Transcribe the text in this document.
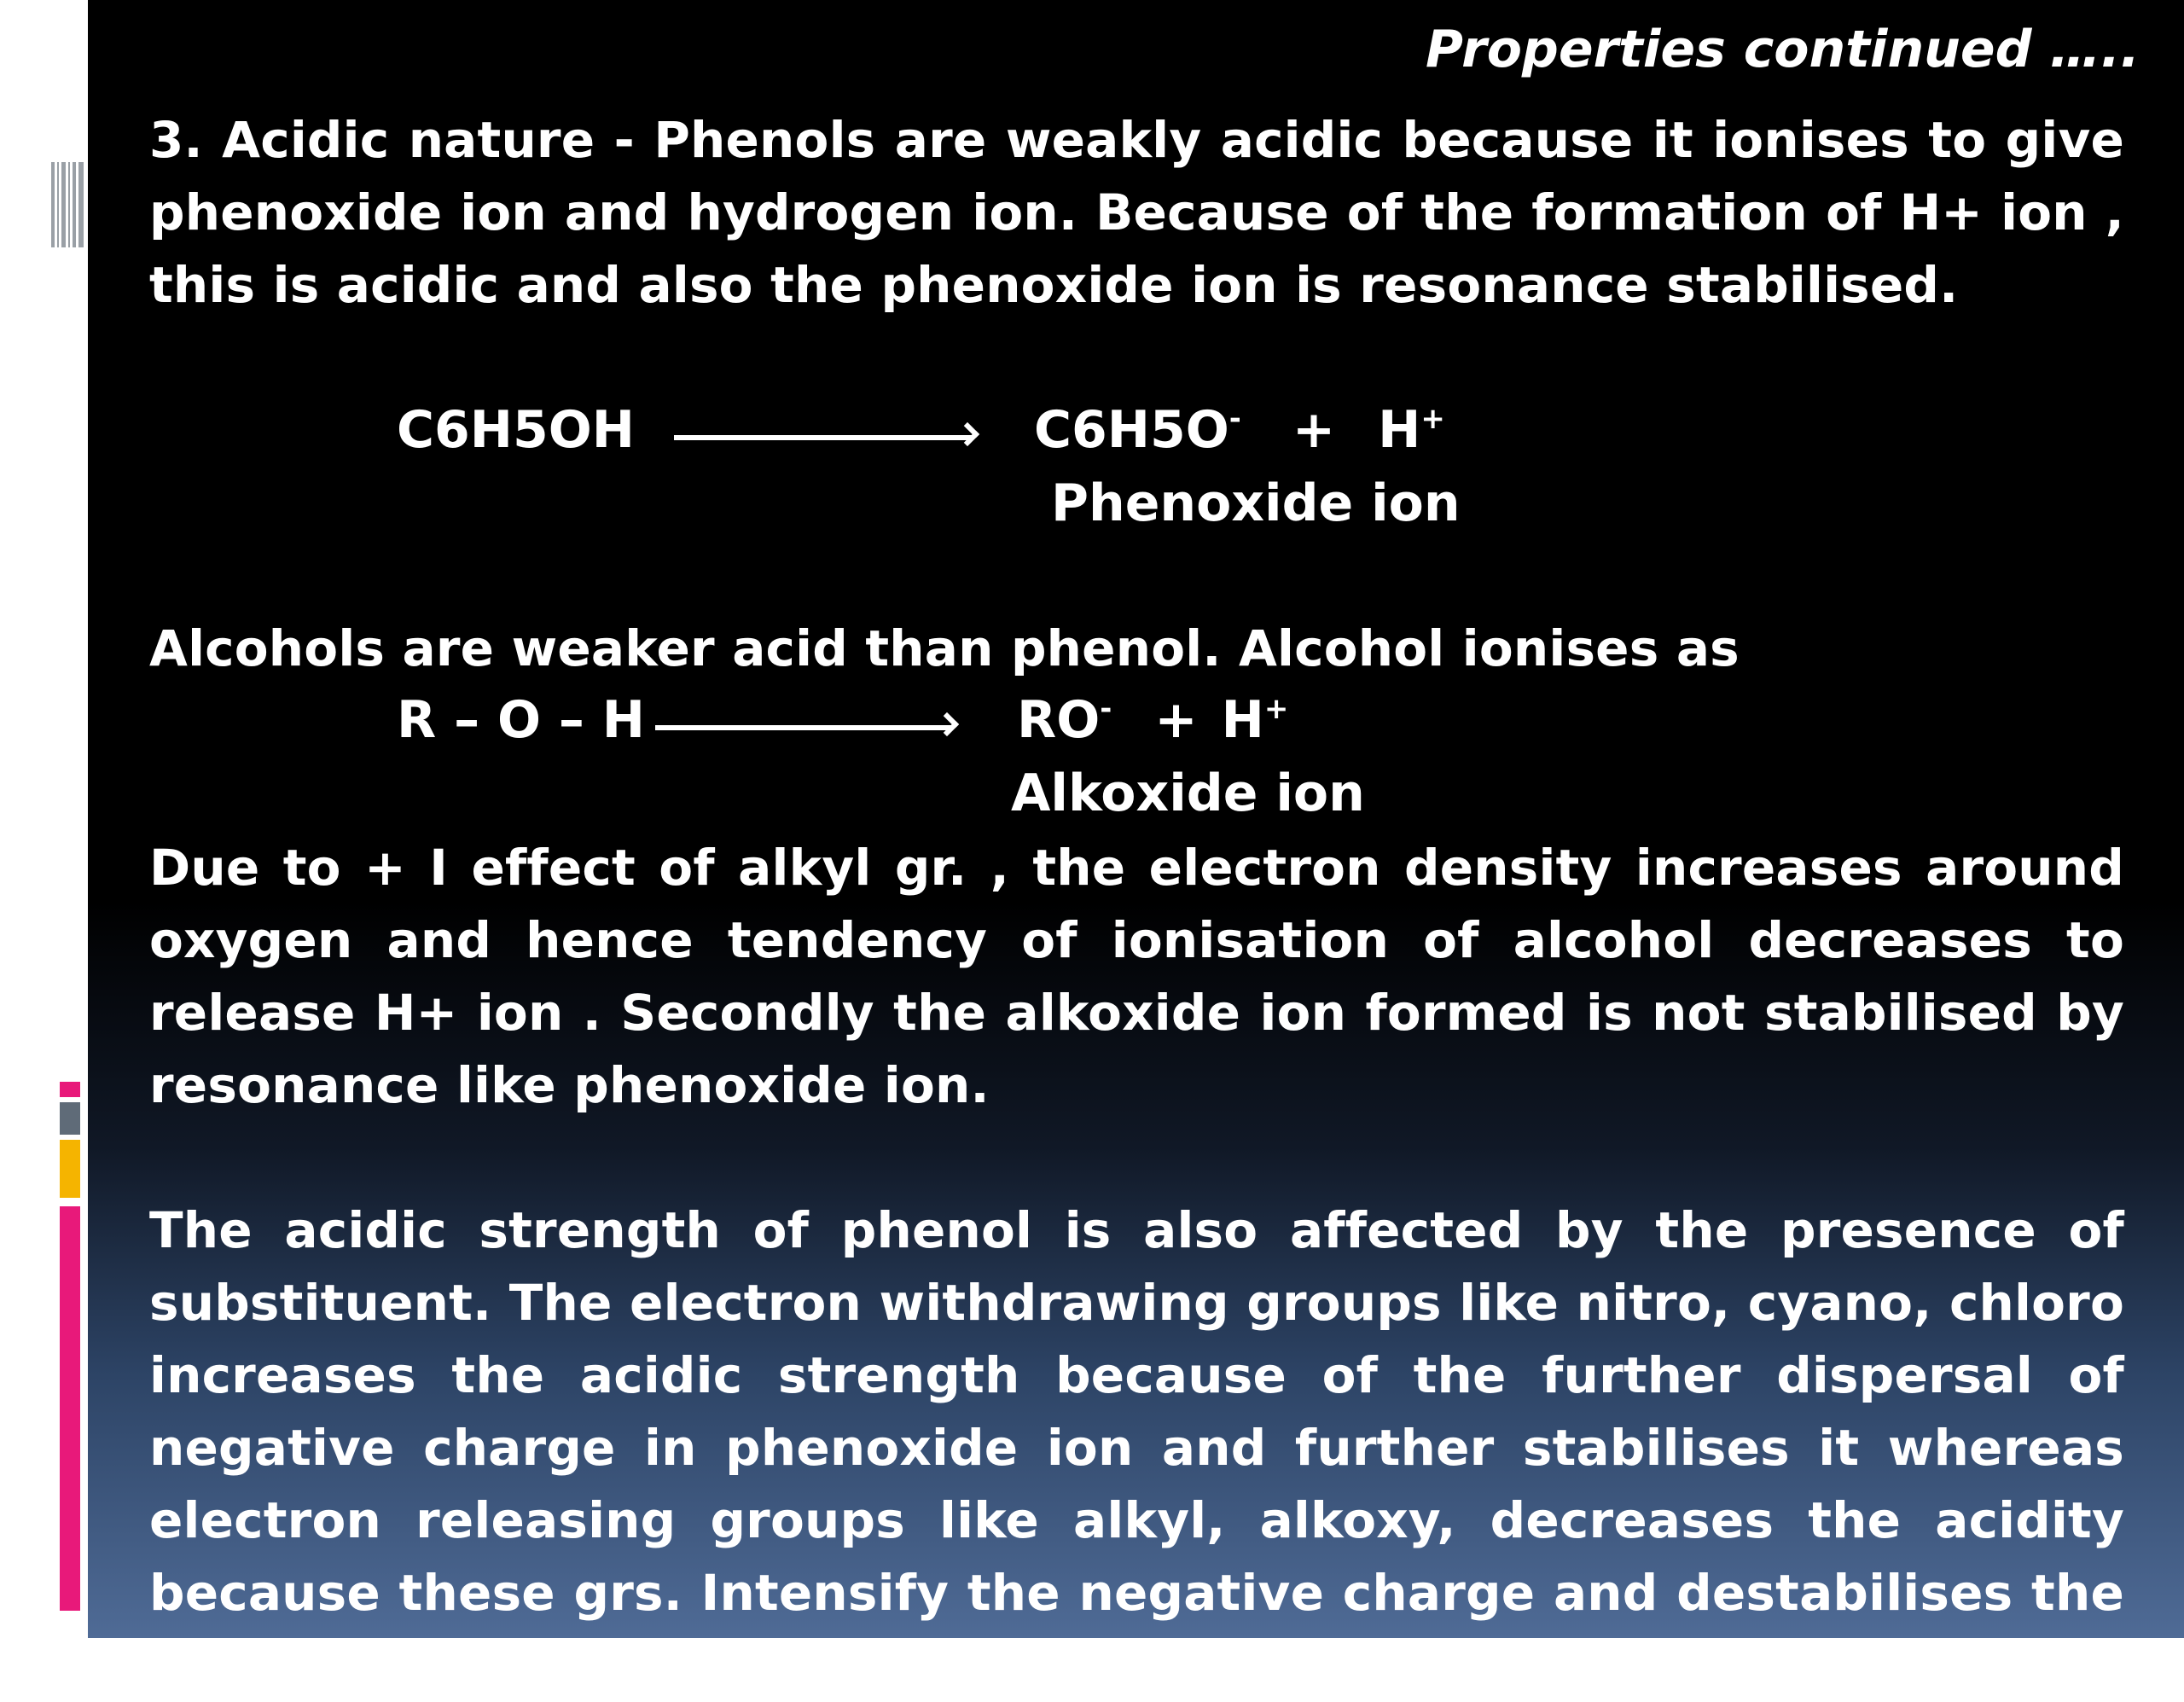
Properties continued …..
3. Acidic nature - Phenols are weakly acidic because it ionises to give phenoxide ion and hydrogen ion. Because of the formation of H+ ion , this is acidic and also the phenoxide ion is resonance stabilised.
C6H5OH	C6H5O- + H+
Phenoxide ion
Alcohols are weaker acid than phenol. Alcohol ionises as
R – O – H	RO- + H+
Alkoxide ion
Due to + I effect of alkyl gr. , the electron density increases around oxygen and hence tendency of ionisation of alcohol decreases to release H+ ion . Secondly the alkoxide ion formed is not stabilised by resonance like phenoxide ion.
The acidic strength of phenol is also affected by the presence of substituent. The electron withdrawing groups like nitro, cyano, chloro increases the acidic strength because of the further dispersal of negative charge in phenoxide ion and further stabilises it whereas electron releasing groups like alkyl, alkoxy, decreases the acidity because these grs. Intensify the negative charge and destabilises the phenoxide ion.
